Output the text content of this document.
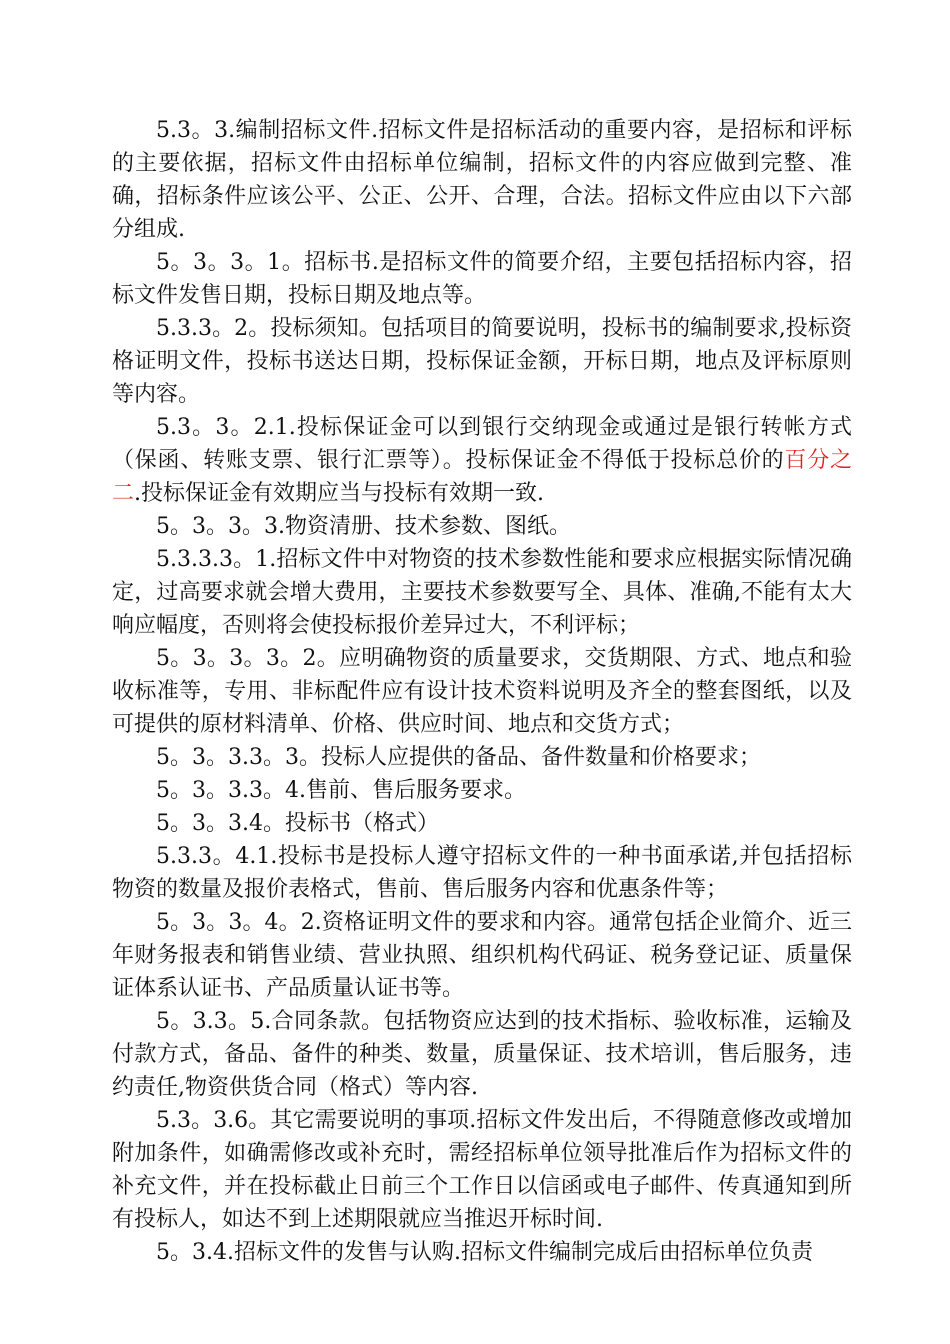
5.3。3.编制招标文件.招标文件是招标活动的重要内容，是招标和评标的主要依据，招标文件由招标单位编制，招标文件的内容应做到完整、准确，招标条件应该公平、公正、公开、合理，合法。招标文件应由以下六部分组成.

5。3。3。1。招标书.是招标文件的简要介绍，主要包括招标内容，招标文件发售日期，投标日期及地点等。

5.3.3。2。投标须知。包括项目的简要说明，投标书的编制要求,投标资格证明文件，投标书送达日期，投标保证金额，开标日期，地点及评标原则等内容。

5.3。3。2.1.投标保证金可以到银行交纳现金或通过是银行转帐方式（保函、转账支票、银行汇票等）。投标保证金不得低于投标总价的百分之二.投标保证金有效期应当与投标有效期一致.

5。3。3。3.物资清册、技术参数、图纸。

5.3.3.3。1.招标文件中对物资的技术参数性能和要求应根据实际情况确定，过高要求就会增大费用，主要技术参数要写全、具体、准确,不能有太大响应幅度，否则将会使投标报价差异过大，不利评标；

5。3。3。3。2。应明确物资的质量要求，交货期限、方式、地点和验收标准等，专用、非标配件应有设计技术资料说明及齐全的整套图纸，以及可提供的原材料清单、价格、供应时间、地点和交货方式；

5。3。3.3。3。投标人应提供的备品、备件数量和价格要求；

5。3。3.3。4.售前、售后服务要求。

5。3。3.4。投标书（格式）

5.3.3。4.1.投标书是投标人遵守招标文件的一种书面承诺,并包括招标物资的数量及报价表格式，售前、售后服务内容和优惠条件等；

5。3。3。4。2.资格证明文件的要求和内容。通常包括企业简介、近三年财务报表和销售业绩、营业执照、组织机构代码证、税务登记证、质量保证体系认证书、产品质量认证书等。

5。3.3。5.合同条款。包括物资应达到的技术指标、验收标准，运输及付款方式，备品、备件的种类、数量，质量保证、技术培训，售后服务，违约责任,物资供货合同（格式）等内容.

5.3。3.6。其它需要说明的事项.招标文件发出后，不得随意修改或增加附加条件，如确需修改或补充时，需经招标单位领导批准后作为招标文件的补充文件，并在投标截止日前三个工作日以信函或电子邮件、传真通知到所有投标人，如达不到上述期限就应当推迟开标时间.

5。3.4.招标文件的发售与认购.招标文件编制完成后由招标单位负责
